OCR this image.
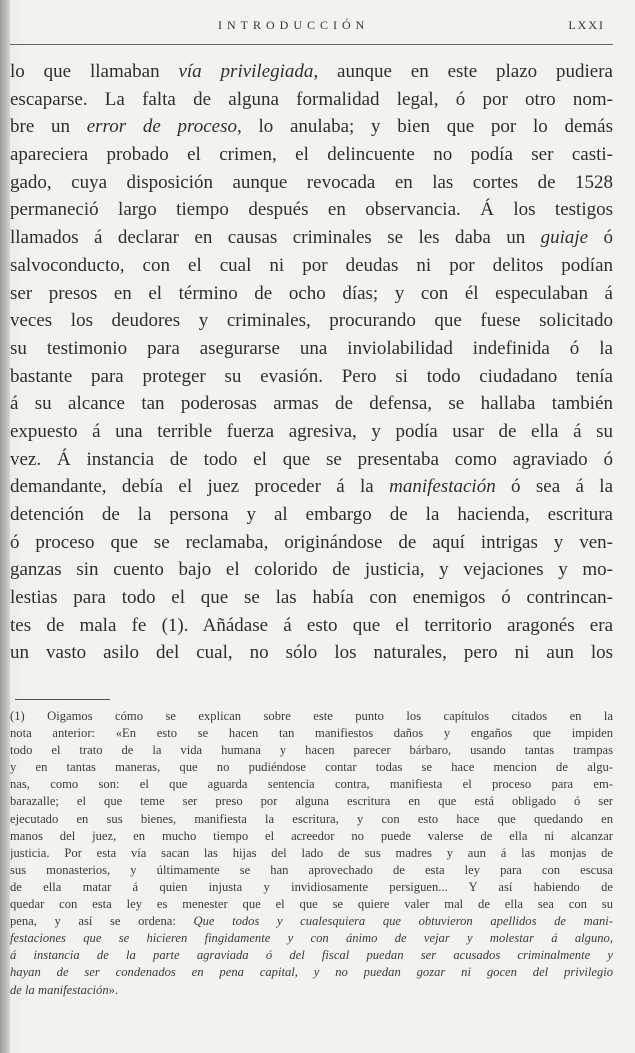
INTRODUCCIÓN	LXXI
lo que llamaban vía privilegiada, aunque en este plazo pudiera
escaparse. La falta de alguna formalidad legal, ó por otro nom-
bre un error de proceso, lo anulaba; y bien que por lo demás
apareciera probado el crimen, el delincuente no podía ser casti-
gado, cuya disposición aunque revocada en las cortes de 1528
permaneció largo tiempo después en observancia. Á los testigos
llamados á declarar en causas criminales se les daba un guiaje ó
salvoconducto, con el cual ni por deudas ni por delitos podían
ser presos en el término de ocho días; y con él especulaban á
veces los deudores y criminales, procurando que fuese solicitado
su testimonio para asegurarse una inviolabilidad indefinida ó la
bastante para proteger su evasión. Pero si todo ciudadano tenía
á su alcance tan poderosas armas de defensa, se hallaba también
expuesto á una terrible fuerza agresiva, y podía usar de ella á su
vez. Á instancia de todo el que se presentaba como agraviado ó
demandante, debía el juez proceder á la manifestación ó sea á la
detención de la persona y al embargo de la hacienda, escritura
ó proceso que se reclamaba, originándose de aquí intrigas y ven-
ganzas sin cuento bajo el colorido de justicia, y vejaciones y mo-
lestias para todo el que se las había con enemigos ó contrincan-
tes de mala fe (1). Añádase á esto que el territorio aragonés era
un vasto asilo del cual, no sólo los naturales, pero ni aun los
(1) Oigamos cómo se explican sobre este punto los capítulos citados en la
nota anterior: «En esto se hacen tan manifiestos daños y engaños que impiden
todo el trato de la vida humana y hacen parecer bárbaro, usando tantas trampas
y en tantas maneras, que no pudiéndose contar todas se hace mencion de algu-
nas, como son: el que aguarda sentencia contra, manifiesta el proceso para em-
barazalle; el que teme ser preso por alguna escritura en que está obligado ó ser
ejecutado en sus bienes, manifiesta la escritura, y con esto hace que quedando en
manos del juez, en mucho tiempo el acreedor no puede valerse de ella ni alcanzar
justicia. Por esta vía sacan las hijas del lado de sus madres y aun á las monjas de
sus monasterios, y últimamente se han aprovechado de esta ley para con escusa
de ella matar á quien injusta y invidiosamente persiguen... Y así habiendo de
quedar con esta ley es menester que el que se quiere valer mal de ella sea con su
pena, y así se ordena: Que todos y cualesquiera que obtuvieron apellidos de mani-
festaciones que se hicieren fingidamente y con ánimo de vejar y molestar á alguno,
á instancia de la parte agraviada ó del fiscal puedan ser acusados criminalmente y
hayan de ser condenados en pena capital, y no puedan gozar ni gocen del privilegio
de la manifestación».
